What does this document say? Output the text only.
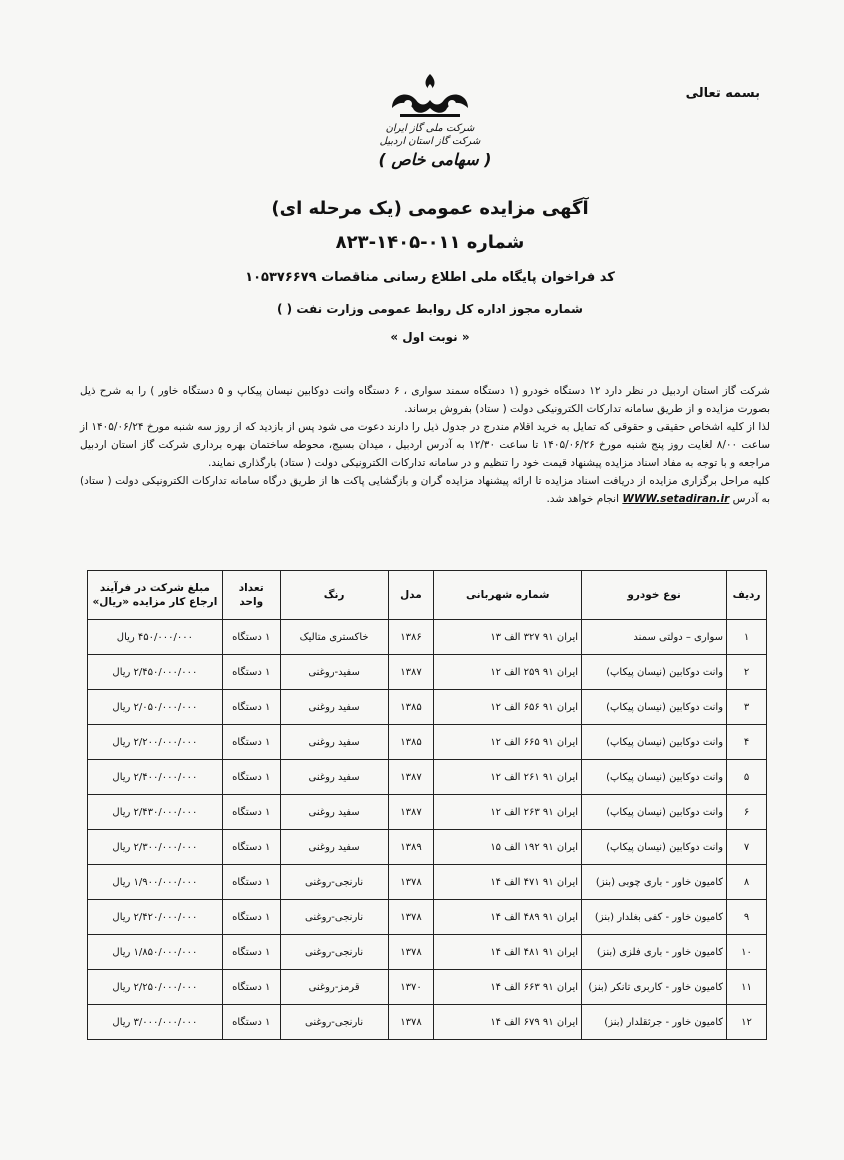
بسمه تعالی
شرکت ملی گاز ایران
شرکت گاز استان اردبیل
( سهامی خاص )
آگهی مزایده عمومی (یک مرحله ای)
شماره ۰۱۱-۱۴۰۵-۸۲۳
کد فراخوان پایگاه ملی اطلاع رسانی مناقصات ۱۰۵۳۷۶۶۷۹
شماره مجوز اداره کل روابط عمومی وزارت نفت ( )
« نوبت اول »

شرکت گاز استان اردبیل در نظر دارد ۱۲ دستگاه خودرو (۱ دستگاه سمند سواری ، ۶ دستگاه وانت دوکابین نیسان پیکاپ و ۵ دستگاه خاور ) را به شرح ذیل بصورت مزایده و از طریق سامانه تدارکات الکترونیکی دولت ( ستاد) بفروش برساند.

لذا از کلیه اشخاص حقیقی و حقوقی که تمایل به خرید اقلام مندرج در جدول ذیل را دارند دعوت می شود پس از بازدید که از روز سه شنبه مورخ ۱۴۰۵/۰۶/۲۴ از ساعت ۸/۰۰ لغایت روز پنج شنبه مورخ ۱۴۰۵/۰۶/۲۶ تا ساعت ۱۲/۳۰ به آدرس اردبیل ، میدان بسیج، محوطه ساختمان بهره برداری شرکت گاز استان اردبیل مراجعه و با توجه به مفاد اسناد مزایده پیشنهاد قیمت خود را تنظیم و در سامانه تدارکات الکترونیکی دولت ( ستاد) بارگذاری نمایند.

کلیه مراحل برگزاری مزایده از دریافت اسناد مزایده تا ارائه پیشنهاد مزایده گران و بازگشایی پاکت ها از طریق درگاه سامانه تدارکات الکترونیکی دولت ( ستاد) به آدرس WWW.setadiran.ir انجام خواهد شد.

ردیف	نوع خودرو	شماره شهربانی	مدل	رنگ	تعداد واحد	مبلغ شرکت در فرآیند ارجاع کار مزایده «ریال»
۱	سواری – دولتی سمند	ایران ۹۱ ۳۲۷ الف ۱۳	۱۳۸۶	خاکستری متالیک	۱ دستگاه	۴۵۰/۰۰۰/۰۰۰ ریال
۲	وانت دوکابین (نیسان پیکاپ)	ایران ۹۱ ۲۵۹ الف ۱۲	۱۳۸۷	سفید-روغنی	۱ دستگاه	۲/۴۵۰/۰۰۰/۰۰۰ ریال
۳	وانت دوکابین (نیسان پیکاپ)	ایران ۹۱ ۶۵۶ الف ۱۲	۱۳۸۵	سفید روغنی	۱ دستگاه	۲/۰۵۰/۰۰۰/۰۰۰ ریال
۴	وانت دوکابین (نیسان پیکاپ)	ایران ۹۱ ۶۶۵ الف ۱۲	۱۳۸۵	سفید روغنی	۱ دستگاه	۲/۲۰۰/۰۰۰/۰۰۰ ریال
۵	وانت دوکابین (نیسان پیکاپ)	ایران ۹۱ ۲۶۱ الف ۱۲	۱۳۸۷	سفید روغنی	۱ دستگاه	۲/۴۰۰/۰۰۰/۰۰۰ ریال
۶	وانت دوکابین (نیسان پیکاپ)	ایران ۹۱ ۲۶۳ الف ۱۲	۱۳۸۷	سفید روغنی	۱ دستگاه	۲/۴۳۰/۰۰۰/۰۰۰ ریال
۷	وانت دوکابین (نیسان پیکاپ)	ایران ۹۱ ۱۹۲ الف ۱۵	۱۳۸۹	سفید روغنی	۱ دستگاه	۲/۳۰۰/۰۰۰/۰۰۰ ریال
۸	کامیون خاور - باری چوبی (بنز)	ایران ۹۱ ۴۷۱ الف ۱۴	۱۳۷۸	نارنجی-روغنی	۱ دستگاه	۱/۹۰۰/۰۰۰/۰۰۰ ریال
۹	کامیون خاور - کفی بغلدار (بنز)	ایران ۹۱ ۴۸۹ الف ۱۴	۱۳۷۸	نارنجی-روغنی	۱ دستگاه	۲/۴۲۰/۰۰۰/۰۰۰ ریال
۱۰	کامیون خاور - باری فلزی (بنز)	ایران ۹۱ ۴۸۱ الف ۱۴	۱۳۷۸	نارنجی-روغنی	۱ دستگاه	۱/۸۵۰/۰۰۰/۰۰۰ ریال
۱۱	کامیون خاور - کاربری تانکر (بنز)	ایران ۹۱ ۶۶۳ الف ۱۴	۱۳۷۰	قرمز-روغنی	۱ دستگاه	۲/۲۵۰/۰۰۰/۰۰۰ ریال
۱۲	کامیون خاور - جرثقلدار (بنز)	ایران ۹۱ ۶۷۹ الف ۱۴	۱۳۷۸	نارنجی-روغنی	۱ دستگاه	۳/۰۰۰/۰۰۰/۰۰۰ ریال
